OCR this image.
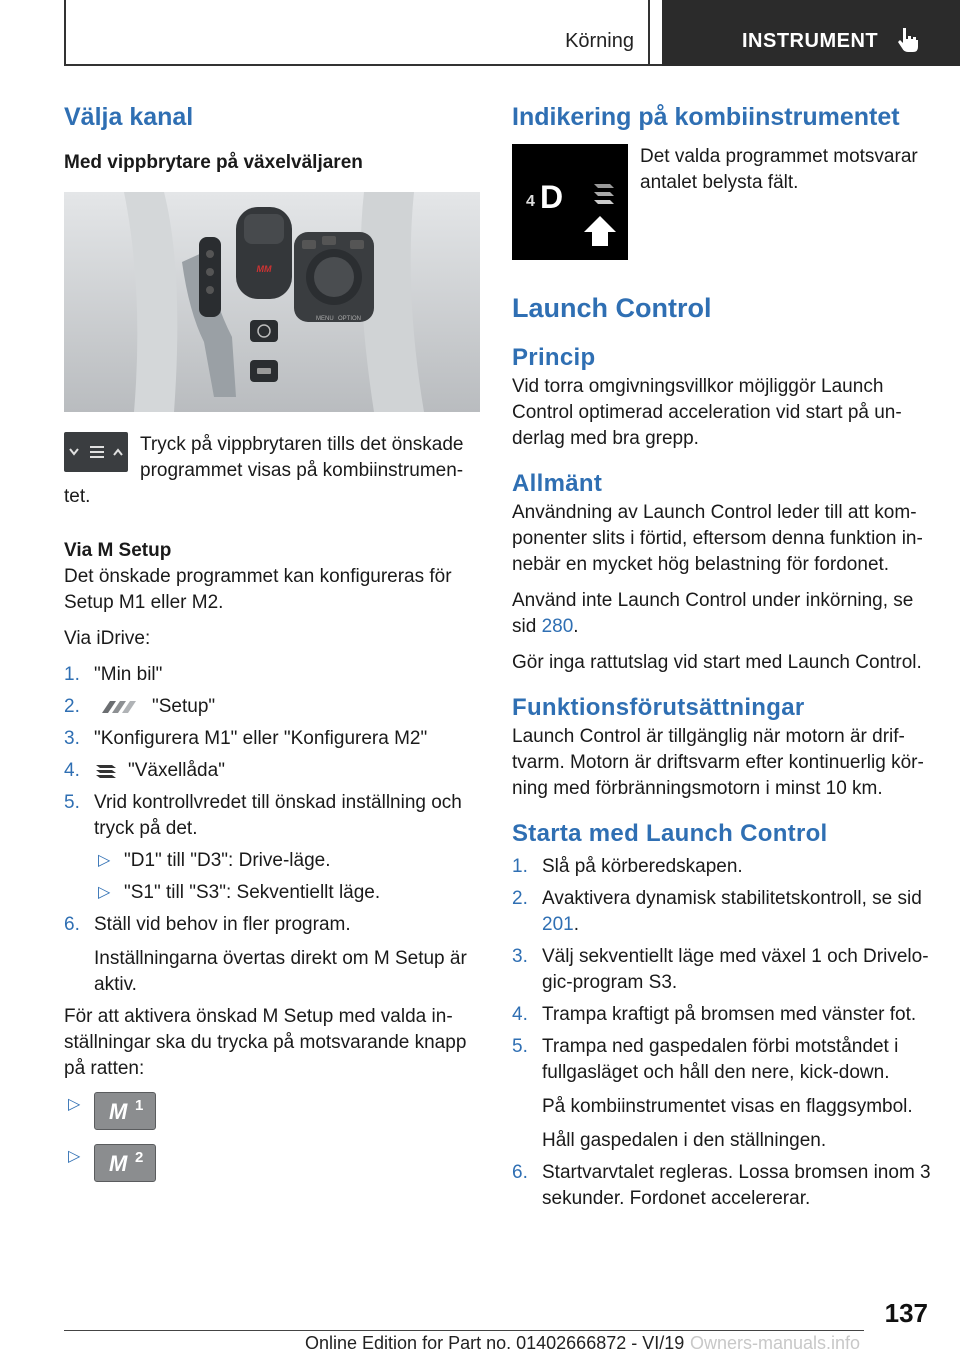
Körning	INSTRUMENT
Välja kanal
Med vippbrytare på växelväljaren
MM
MENU OPTION

Tryck på vippbrytaren tills det önskade programmet visas på kombiinstrumentet.

Via M Setup

Det önskade programmet kan konfigureras för Setup M1 eller M2.

Via iDrive:

1. "Min bil"
2.	"Setup"
3. "Konfigurera M1" eller "Konfigurera M2"
4.	"Växellåda"
5. Vrid kontrollvredet till önskad inställning och tryck på det.
▷ "D1" till "D3": Drive-läge.
▷ "S1" till "S3": Sekventiellt läge.
6. Ställ vid behov in fler program.

Inställningarna övertas direkt om M Setup är aktiv.

För att aktivera önskad M Setup med valda inställningar ska du trycka på motsvarande knapp på ratten:

▷ M 1
▷ M 2
Indikering på kombiinstrumentet
4 D

Det valda programmet motsvarar antalet belysta fält.

Launch Control
Princip

Vid torra omgivningsvillkor möjliggör Launch Control optimerad acceleration vid start på underlag med bra grepp.

Allmänt

Användning av Launch Control leder till att komponenter slits i förtid, eftersom denna funktion innebär en mycket hög belastning för fordonet.

Använd inte Launch Control under inkörning, se sid 280.

Gör inga rattutslag vid start med Launch Control.

Funktionsförutsättningar

Launch Control är tillgänglig när motorn är driftvarm. Motorn är driftsvarm efter kontinuerlig körning med förbränningsmotorn i minst 10 km.

Starta med Launch Control
1. Slå på körberedskapen.
2. Avaktivera dynamisk stabilitetskontroll, se sid 201.
3. Välj sekventiellt läge med växel 1 och Drivelogic-program S3.
4. Trampa kraftigt på bromsen med vänster fot.
5. Trampa ned gaspedalen förbi motståndet i fullgasläget och håll den nere, kick-down.

På kombiinstrumentet visas en flaggsymbol.

Håll gaspedalen i den ställningen.

6. Startvarvtalet regleras. Lossa bromsen inom 3 sekunder. Fordonet accelererar.
137
Online Edition for Part no. 01402666872 - VI/19 Owners-manuals.info
